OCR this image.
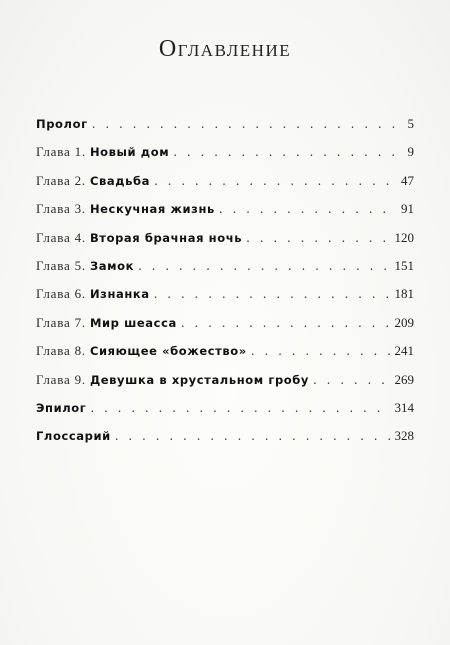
Оглавление
Пролог . . .	5
Глава 1. Новый дом . . .	9
Глава 2. Свадьба . . .	47
Глава 3. Нескучная жизнь . . .	91
Глава 4. Вторая брачная ночь . . .	120
Глава 5. Замок . . .	151
Глава 6. Изнанка . . .	181
Глава 7. Мир шеасса . . .	209
Глава 8. Сияющее «божество» . . .	241
Глава 9. Девушка в хрустальном гробу . . .	269
Эпилог . . .	314
Глоссарий . . .	328
